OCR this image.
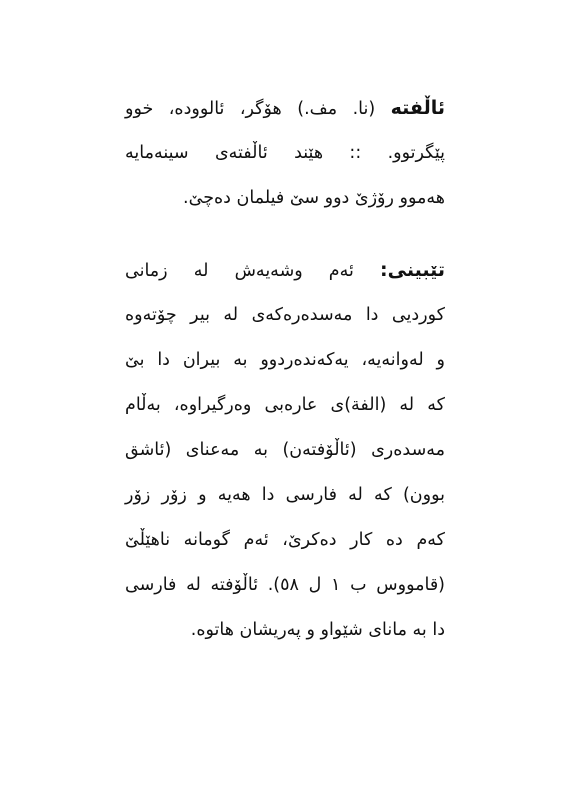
ئاڵفته (نا. مف.) هۆگر، ئالووده، خوو
پێگرتوو. :: هێند ئاڵفتەی سینەمایە
هەموو رۆژێ دوو سێ فیلمان دەچێ.
تێبینی: ئەم وشەیەش لە زمانی
کوردیی دا مەسدەرەکەی لە بیر چۆتەوە
و لەوانەیە، یەکەندەردوو بە بیران دا بێ
کە لە (الفة)ی عارەبی وەرگیراوە، بەڵام
مەسدەری (ئاڵۆفتەن) بە مەعنای (ئاشق
بوون) کە لە فارسی دا هەیە و زۆر زۆر
کەم دە کار دەکرێ، ئەم گومانە ناهێڵێ
(قامووس ب ١ ل ٥٨). ئاڵۆفتە لە فارسی
دا بە مانای شێواو و پەریشان هاتوە.
